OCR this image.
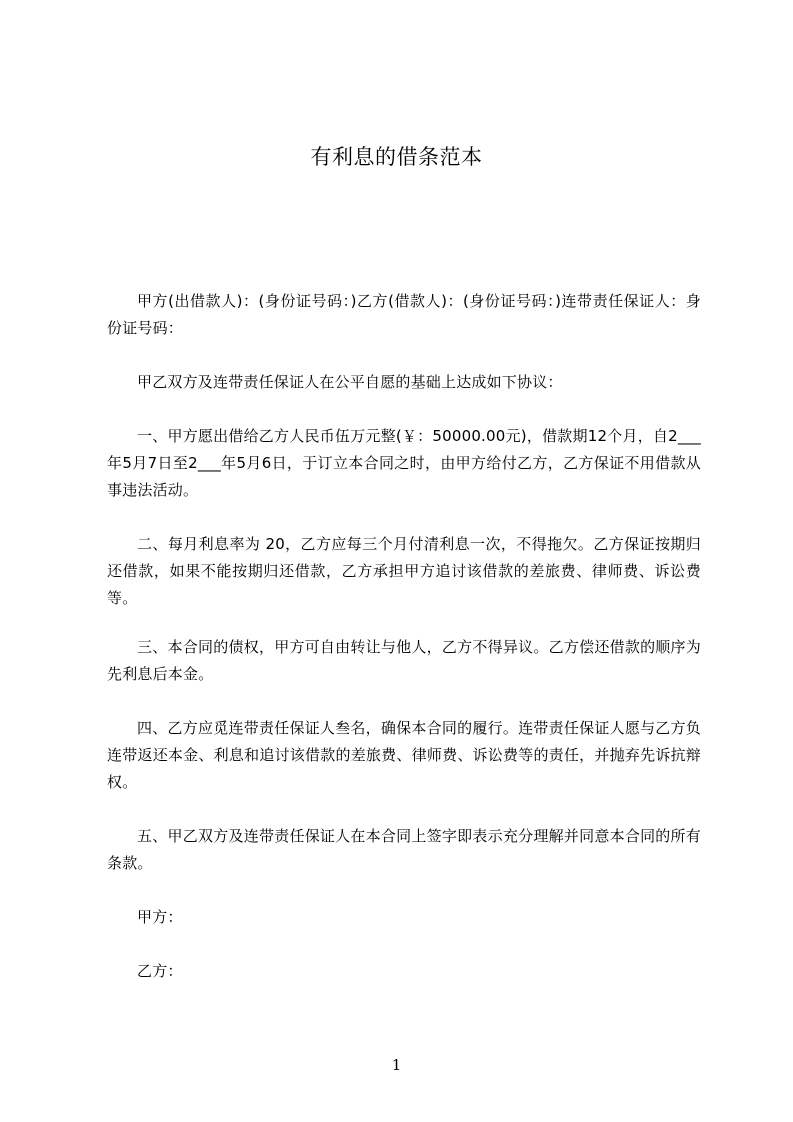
有利息的借条范本

甲方(出借款人)：(身份证号码：)乙方(借款人)：(身份证号码：)连带责任保证人：身份证号码：

甲乙双方及连带责任保证人在公平自愿的基础上达成如下协议：

一、甲方愿出借给乙方人民币伍万元整(￥：50000.00元)，借款期12个月，自2___年5月7日至2___年5月6日，于订立本合同之时，由甲方给付乙方，乙方保证不用借款从事违法活动。

二、每月利息率为 20，乙方应每三个月付清利息一次，不得拖欠。乙方保证按期归还借款，如果不能按期归还借款，乙方承担甲方追讨该借款的差旅费、律师费、诉讼费等。

三、本合同的债权，甲方可自由转让与他人，乙方不得异议。乙方偿还借款的顺序为先利息后本金。

四、乙方应觅连带责任保证人叁名，确保本合同的履行。连带责任保证人愿与乙方负连带返还本金、利息和追讨该借款的差旅费、律师费、诉讼费等的责任，并抛弃先诉抗辩权。

五、甲乙双方及连带责任保证人在本合同上签字即表示充分理解并同意本合同的所有条款。

甲方：

乙方：

1
